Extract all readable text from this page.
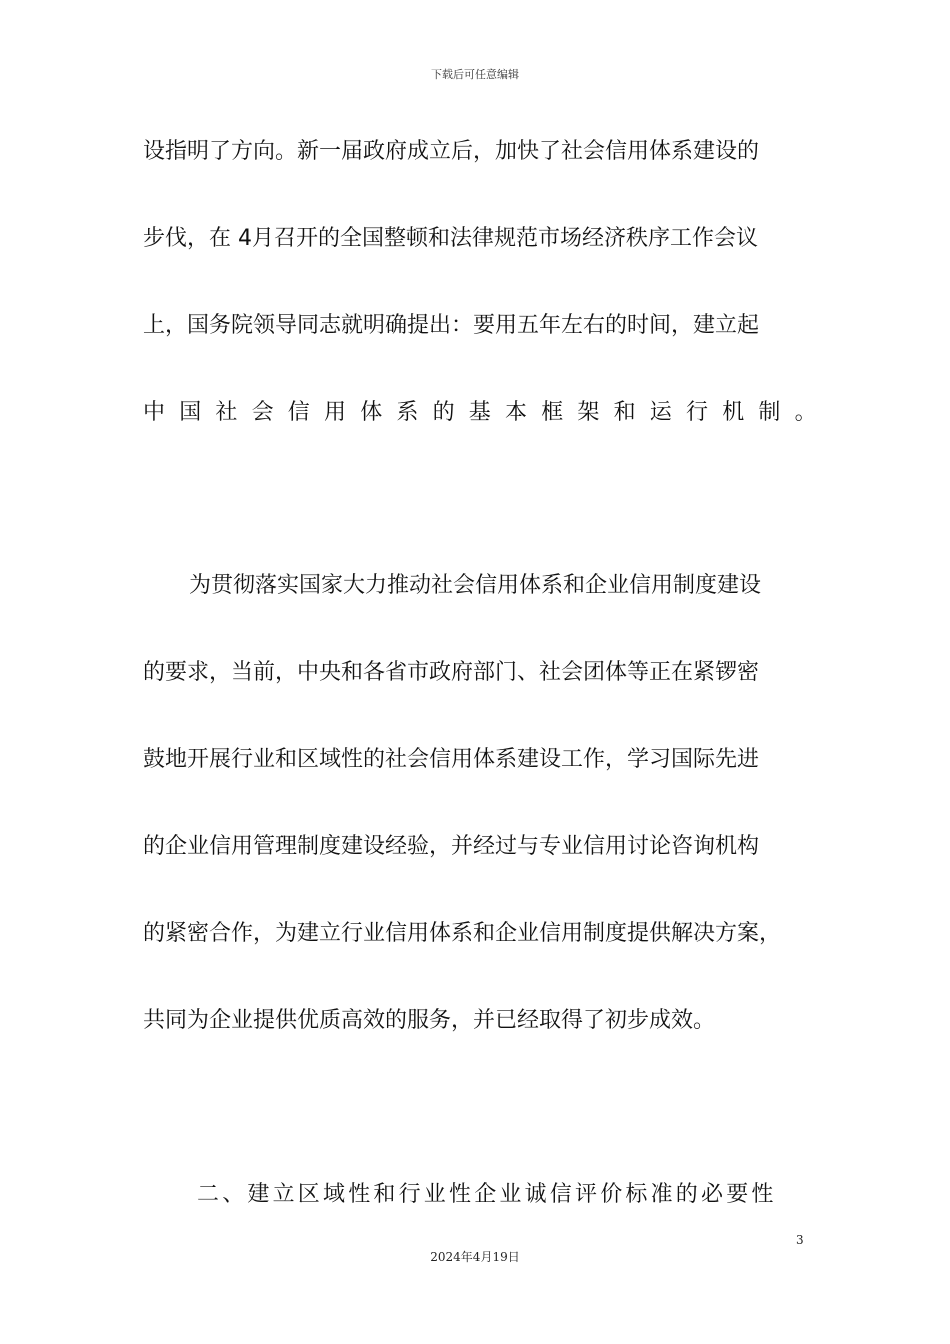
下载后可任意编辑
设指明了方向。新一届政府成立后，加快了社会信用体系建设的
步伐，在 4月召开的全国整顿和法律规范市场经济秩序工作会议
上，国务院领导同志就明确提出：要用五年左右的时间，建立起
中国社会信用体系的基本框架和运行机制。
为贯彻落实国家大力推动社会信用体系和企业信用制度建设
的要求，当前，中央和各省市政府部门、社会团体等正在紧锣密
鼓地开展行业和区域性的社会信用体系建设工作，学习国际先进
的企业信用管理制度建设经验，并经过与专业信用讨论咨询机构
的紧密合作，为建立行业信用体系和企业信用制度提供解决方案，
共同为企业提供优质高效的服务，并已经取得了初步成效。
二、建立区域性和行业性企业诚信评价标准的必要性
3
2024年4月19日
